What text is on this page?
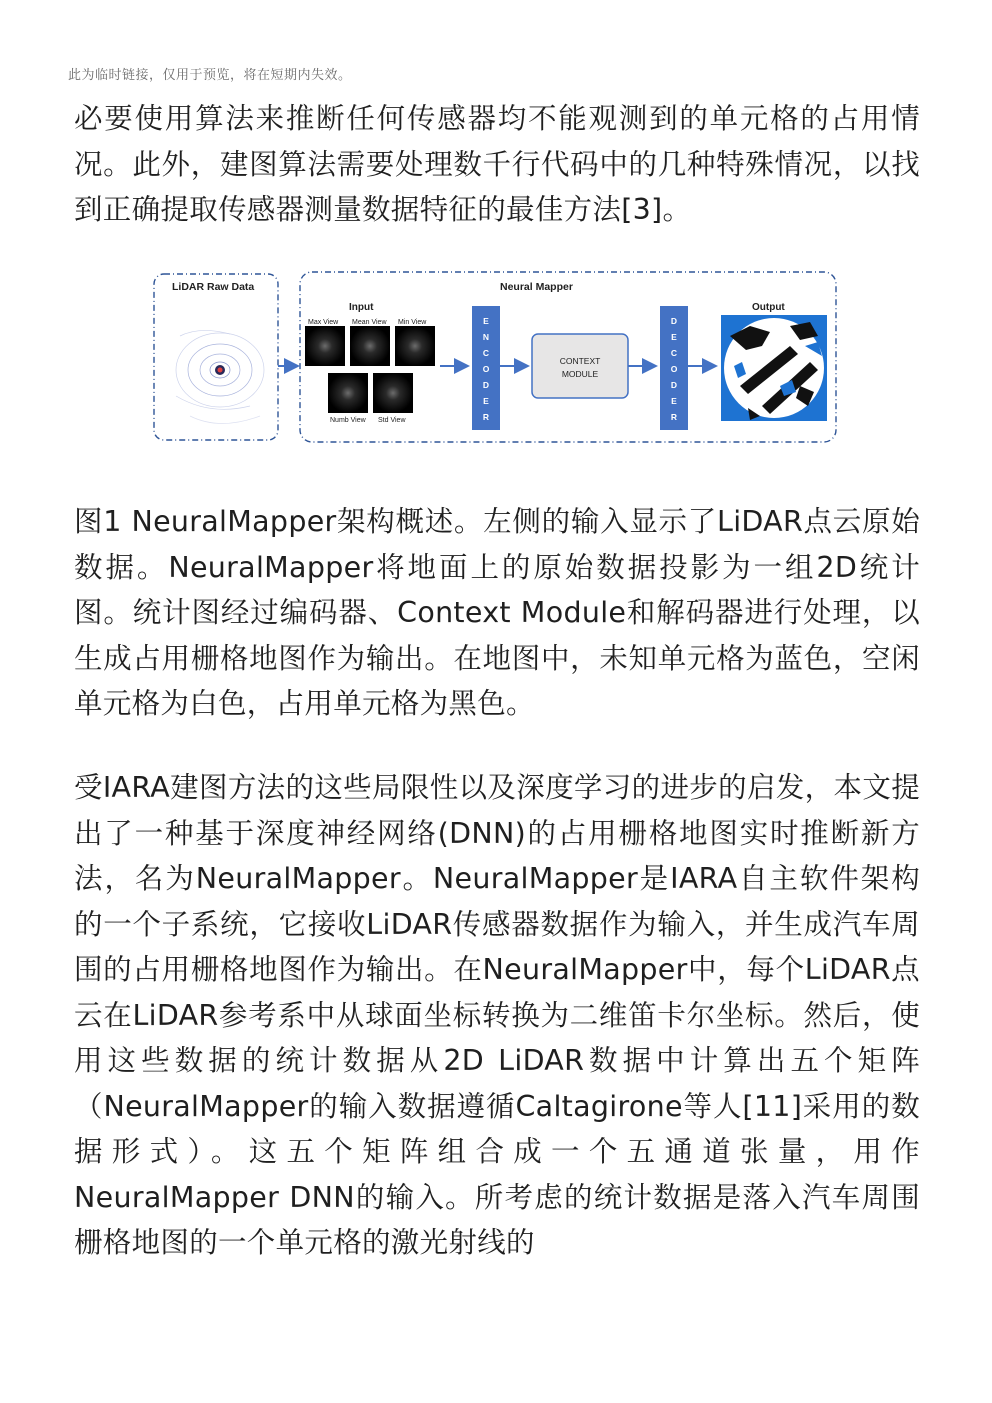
此为临时链接，仅用于预览，将在短期内失效。

必要使用算法来推断任何传感器均不能观测到的单元格的占用情况。此外，建图算法需要处理数千行代码中的几种特殊情况，以找到正确提取传感器测量数据特征的最佳方法[3]。

LiDAR Raw Data	Neural Mapper
Input
Max View Mean View Min View
Numb View Std View
E
N
C
O
D
E
R
CONTEXT
MODULE
D
E
C
O
D
E
R
Output

图1 NeuralMapper架构概述。左侧的输入显示了LiDAR点云原始数据。NeuralMapper将地面上的原始数据投影为一组2D统计图。统计图经过编码器、Context Module和解码器进行处理，以生成占用栅格地图作为输出。在地图中，未知单元格为蓝色，空闲单元格为白色，占用单元格为黑色。

受IARA建图方法的这些局限性以及深度学习的进步的启发，本文提出了一种基于深度神经网络(DNN)的占用栅格地图实时推断新方法，名为NeuralMapper。NeuralMapper是IARA自主软件架构的一个子系统，它接收LiDAR传感器数据作为输入，并生成汽车周围的占用栅格地图作为输出。在NeuralMapper中，每个LiDAR点云在LiDAR参考系中从球面坐标转换为二维笛卡尔坐标。然后，使用这些数据的统计数据从2D LiDAR数据中计算出五个矩阵（NeuralMapper的输入数据遵循Caltagirone等人[11]采用的数据形式）。这五个矩阵组合成一个五通道张量，用作NeuralMapper DNN的输入。所考虑的统计数据是落入汽车周围栅格地图的一个单元格的激光射线的
